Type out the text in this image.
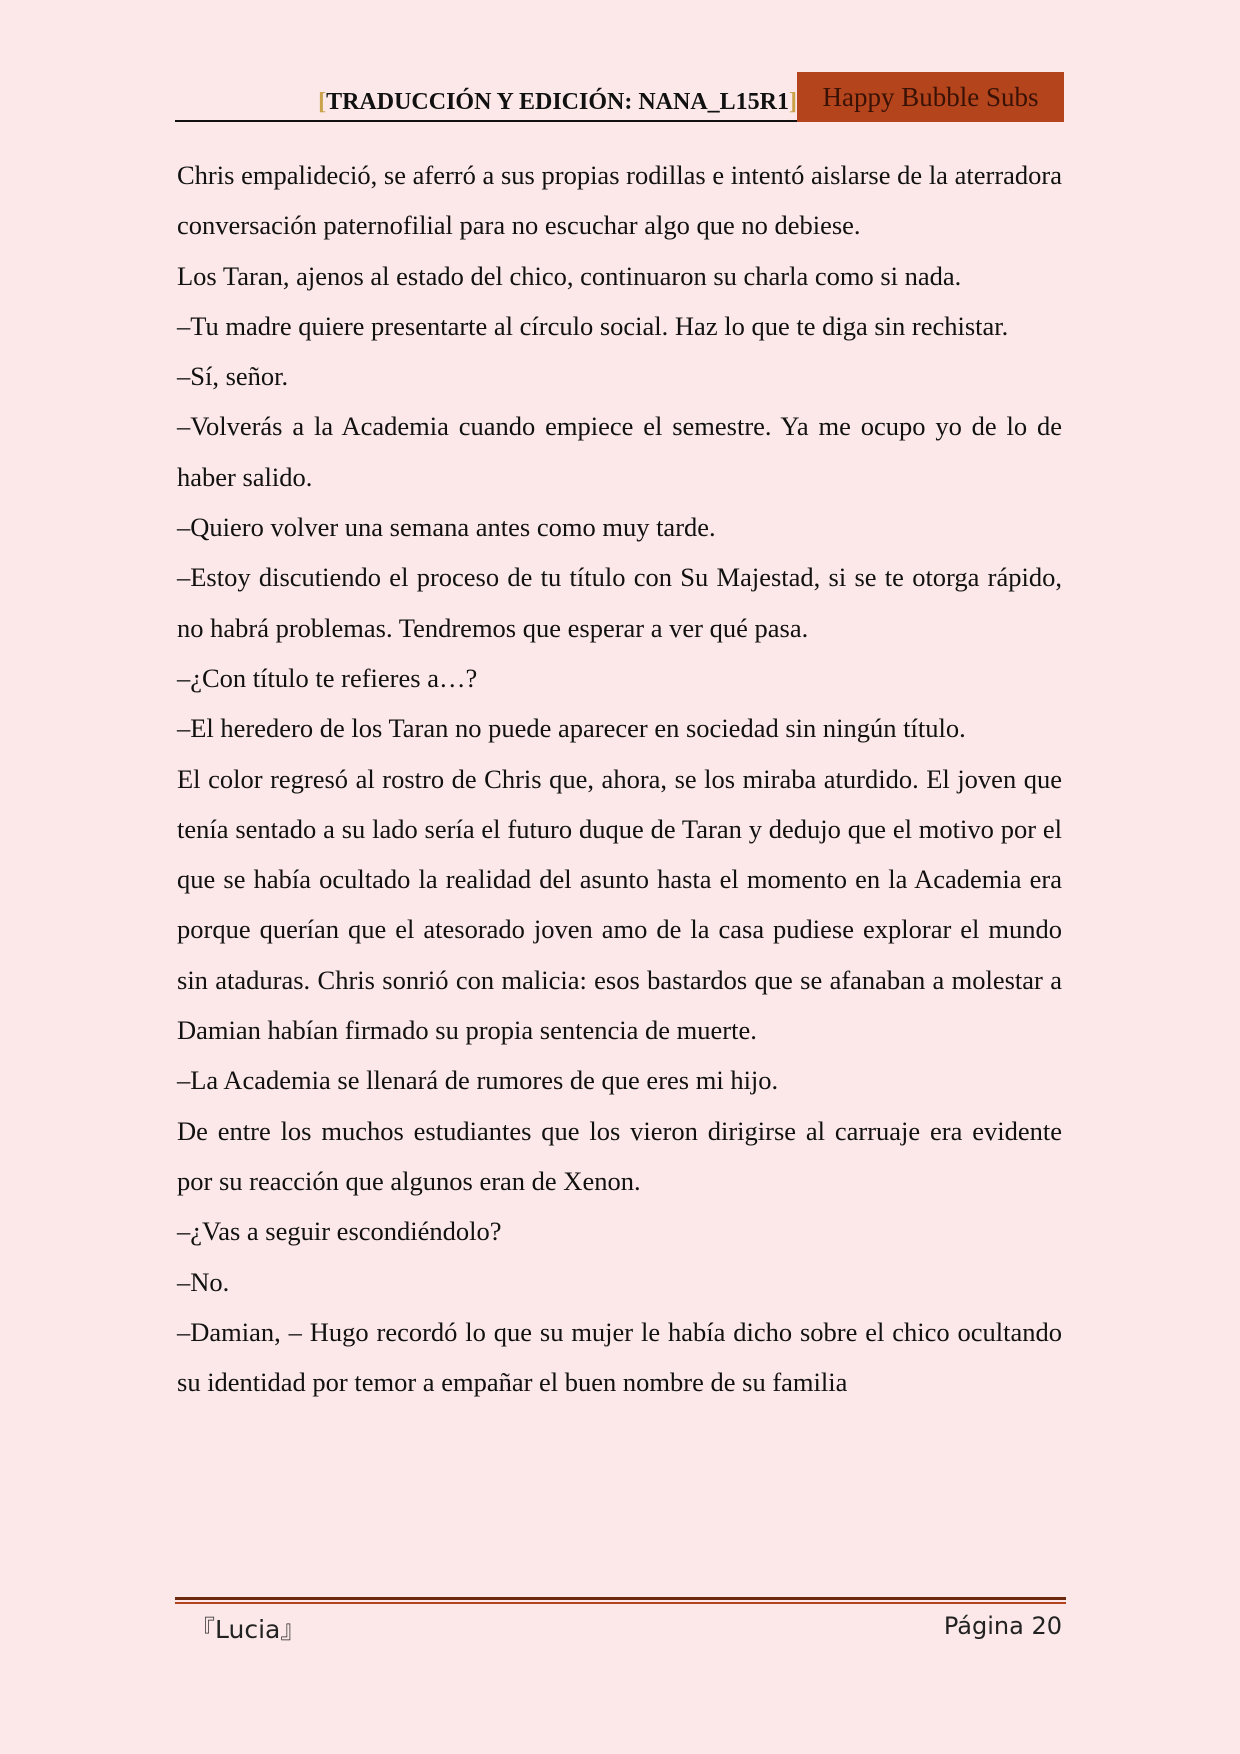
[TRADUCCIÓN Y EDICIÓN: NANA_L15R1] Happy Bubble Subs

Chris empalideció, se aferró a sus propias rodillas e intentó aislarse de la aterradora conversación paternofilial para no escuchar algo que no debiese.

Los Taran, ajenos al estado del chico, continuaron su charla como si nada.

–Tu madre quiere presentarte al círculo social. Haz lo que te diga sin rechistar.

–Sí, señor.

–Volverás a la Academia cuando empiece el semestre. Ya me ocupo yo de lo de haber salido.

–Quiero volver una semana antes como muy tarde.

–Estoy discutiendo el proceso de tu título con Su Majestad, si se te otorga rápido, no habrá problemas. Tendremos que esperar a ver qué pasa.

–¿Con título te refieres a…?

–El heredero de los Taran no puede aparecer en sociedad sin ningún título.

El color regresó al rostro de Chris que, ahora, se los miraba aturdido. El joven que tenía sentado a su lado sería el futuro duque de Taran y dedujo que el motivo por el que se había ocultado la realidad del asunto hasta el momento en la Academia era porque querían que el atesorado joven amo de la casa pudiese explorar el mundo sin ataduras. Chris sonrió con malicia: esos bastardos que se afanaban a molestar a Damian habían firmado su propia sentencia de muerte.

–La Academia se llenará de rumores de que eres mi hijo.

De entre los muchos estudiantes que los vieron dirigirse al carruaje era evidente por su reacción que algunos eran de Xenon.

–¿Vas a seguir escondiéndolo?

–No.

–Damian, – Hugo recordó lo que su mujer le había dicho sobre el chico ocultando su identidad por temor a empañar el buen nombre de su familia

『Lucia』	Página 20
